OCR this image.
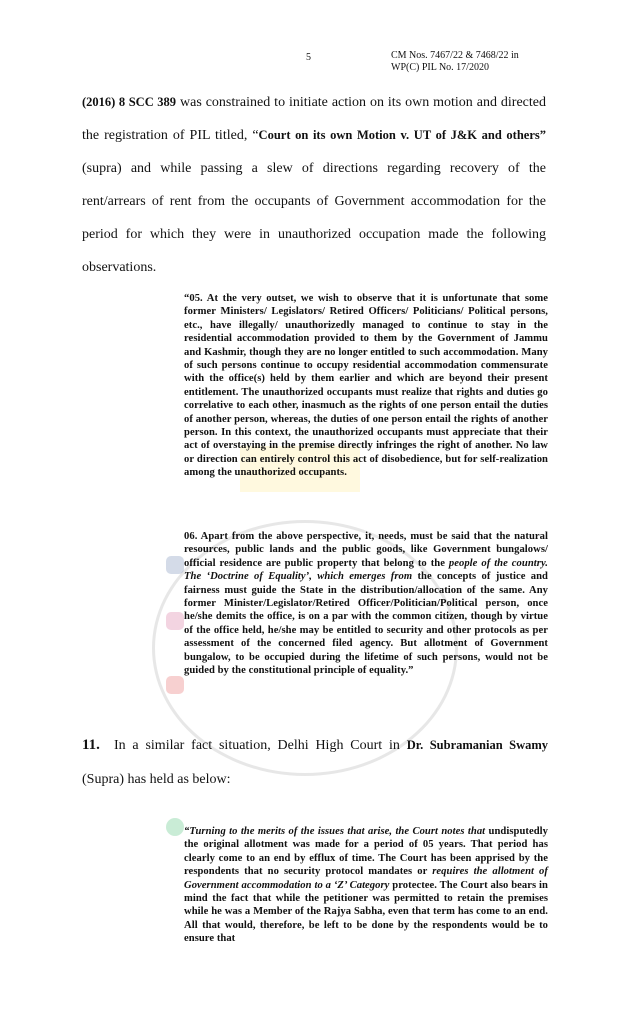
5	CM Nos. 7467/22 & 7468/22 in
WP(C) PIL No. 17/2020
(2016) 8 SCC 389 was constrained to initiate action on its own motion and directed the registration of PIL titled, “Court on its own Motion v. UT of J&K and others” (supra) and while passing a slew of directions regarding recovery of the rent/arrears of rent from the occupants of Government accommodation for the period for which they were in unauthorized occupation made the following observations.
“05. At the very outset, we wish to observe that it is unfortunate that some former Ministers/ Legislators/ Retired Officers/ Politicians/ Political persons, etc., have illegally/ unauthorizedly managed to continue to stay in the residential accommodation provided to them by the Government of Jammu and Kashmir, though they are no longer entitled to such accommodation. Many of such persons continue to occupy residential accommodation commensurate with the office(s) held by them earlier and which are beyond their present entitlement. The unauthorized occupants must realize that rights and duties go correlative to each other, inasmuch as the rights of one person entail the duties of another person, whereas, the duties of one person entail the rights of another person. In this context, the unauthorized occupants must appreciate that their act of overstaying in the premise directly infringes the right of another. No law or direction can entirely control this act of disobedience, but for self-realization among the unauthorized occupants.
06. Apart from the above perspective, it, needs, must be said that the natural resources, public lands and the public goods, like Government bungalows/ official residence are public property that belong to the people of the country. The ‘Doctrine of Equality’, which emerges from the concepts of justice and fairness must guide the State in the distribution/allocation of the same. Any former Minister/Legislator/Retired Officer/Politician/Political person, once he/she demits the office, is on a par with the common citizen, though by virtue of the office held, he/she may be entitled to security and other protocols as per assessment of the concerned filed agency. But allotment of Government bungalow, to be occupied during the lifetime of such persons, would not be guided by the constitutional principle of equality.”
11. In a similar fact situation, Delhi High Court in Dr. Subramanian Swamy (Supra) has held as below:
“Turning to the merits of the issues that arise, the Court notes that undisputedly the original allotment was made for a period of 05 years. That period has clearly come to an end by efflux of time. The Court has been apprised by the respondents that no security protocol mandates or requires the allotment of Government accommodation to a ‘Z’ Category protectee. The Court also bears in mind the fact that while the petitioner was permitted to retain the premises while he was a Member of the Rajya Sabha, even that term has come to an end. All that would, therefore, be left to be done by the respondents would be to ensure that
